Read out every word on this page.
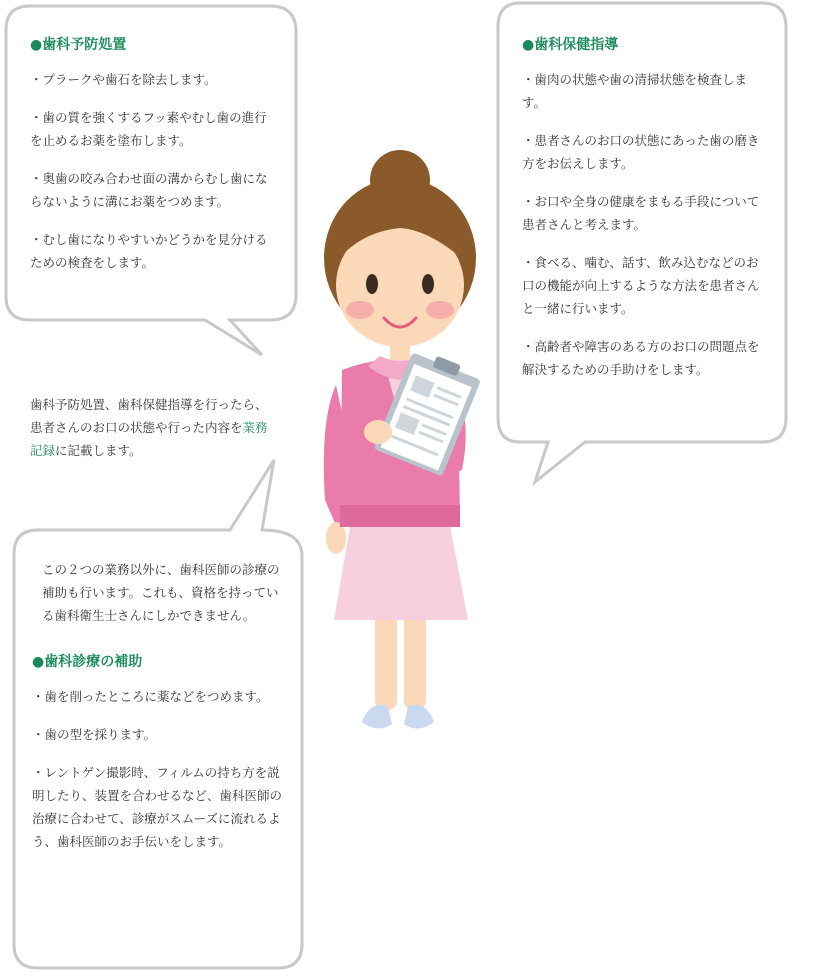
●歯科予防処置

・プラークや歯石を除去します。

・歯の質を強くするフッ素やむし歯の進行を止めるお薬を塗布します。

・奥歯の咬み合わせ面の溝からむし歯にならないように溝にお薬をつめます。

・むし歯になりやすいかどうかを見分けるための検査をします。

●歯科保健指導

・歯肉の状態や歯の清掃状態を検査します。

・患者さんのお口の状態にあった歯の磨き方をお伝えします。

・お口や全身の健康をまもる手段について患者さんと考えます。

・食べる、噛む、話す、飲み込むなどのお口の機能が向上するような方法を患者さんと一緒に行います。

・高齢者や障害のある方のお口の問題点を解決するための手助けをします。

歯科予防処置、歯科保健指導を行ったら、患者さんのお口の状態や行った内容を業務記録に記載します。

この２つの業務以外に、歯科医師の診療の補助も行います。これも、資格を持っている歯科衛生士さんにしかできません。

●歯科診療の補助

・歯を削ったところに薬などをつめます。

・歯の型を採ります。

・レントゲン撮影時、フィルムの持ち方を説明したり、装置を合わせるなど、歯科医師の治療に合わせて、診療がスムーズに流れるよう、歯科医師のお手伝いをします。
